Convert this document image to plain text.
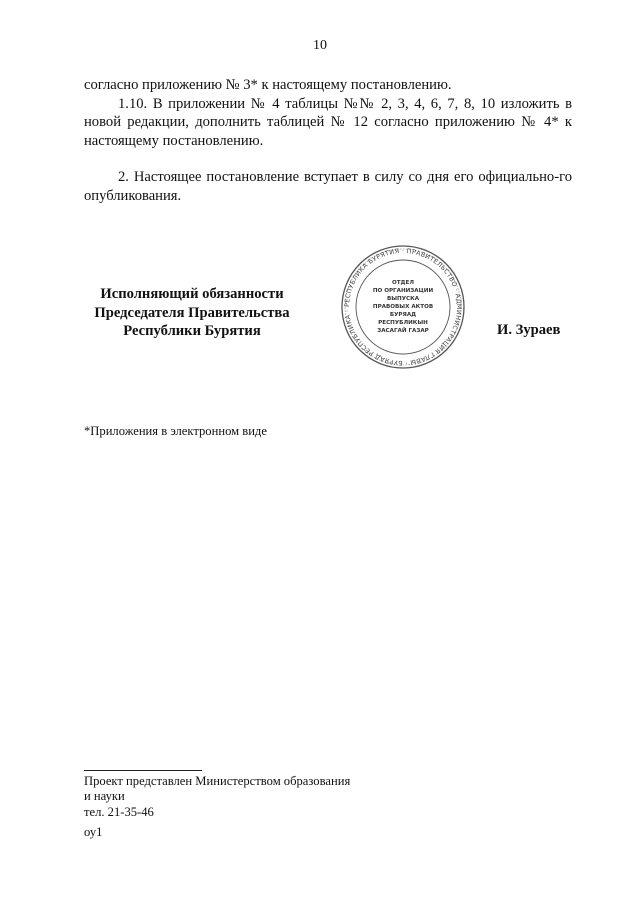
10

согласно приложению № 3* к настоящему постановлению.

1.10. В приложении № 4 таблицы №№ 2, 3, 4, 6, 7, 8, 10 изложить в новой редакции, дополнить таблицей № 12 согласно приложению № 4* к настоящему постановлению.

2. Настоящее постановление вступает в силу со дня его официально-го опубликования.

Исполняющий обязанности
Председателя Правительства
Республики Бурятия
РЕСПУБЛИКА БУРЯТИЯ · ПРАВИТЕЛЬСТВО · АДМИНИСТРАЦИЯ ГЛАВЫ · БУРЯАД РЕСПУБЛИКА ·
ОТДЕЛ
ПО ОРГАНИЗАЦИИ
ВЫПУСКА
ПРАВОВЫХ АКТОВ
БУРЯАД
РЕСПУБЛИКЫН
ЗАСАГАЙ ГАЗАР	И. Зураев
*Приложения в электронном виде
Проект представлен Министерством образования
и науки
тел. 21-35-46
оу1
